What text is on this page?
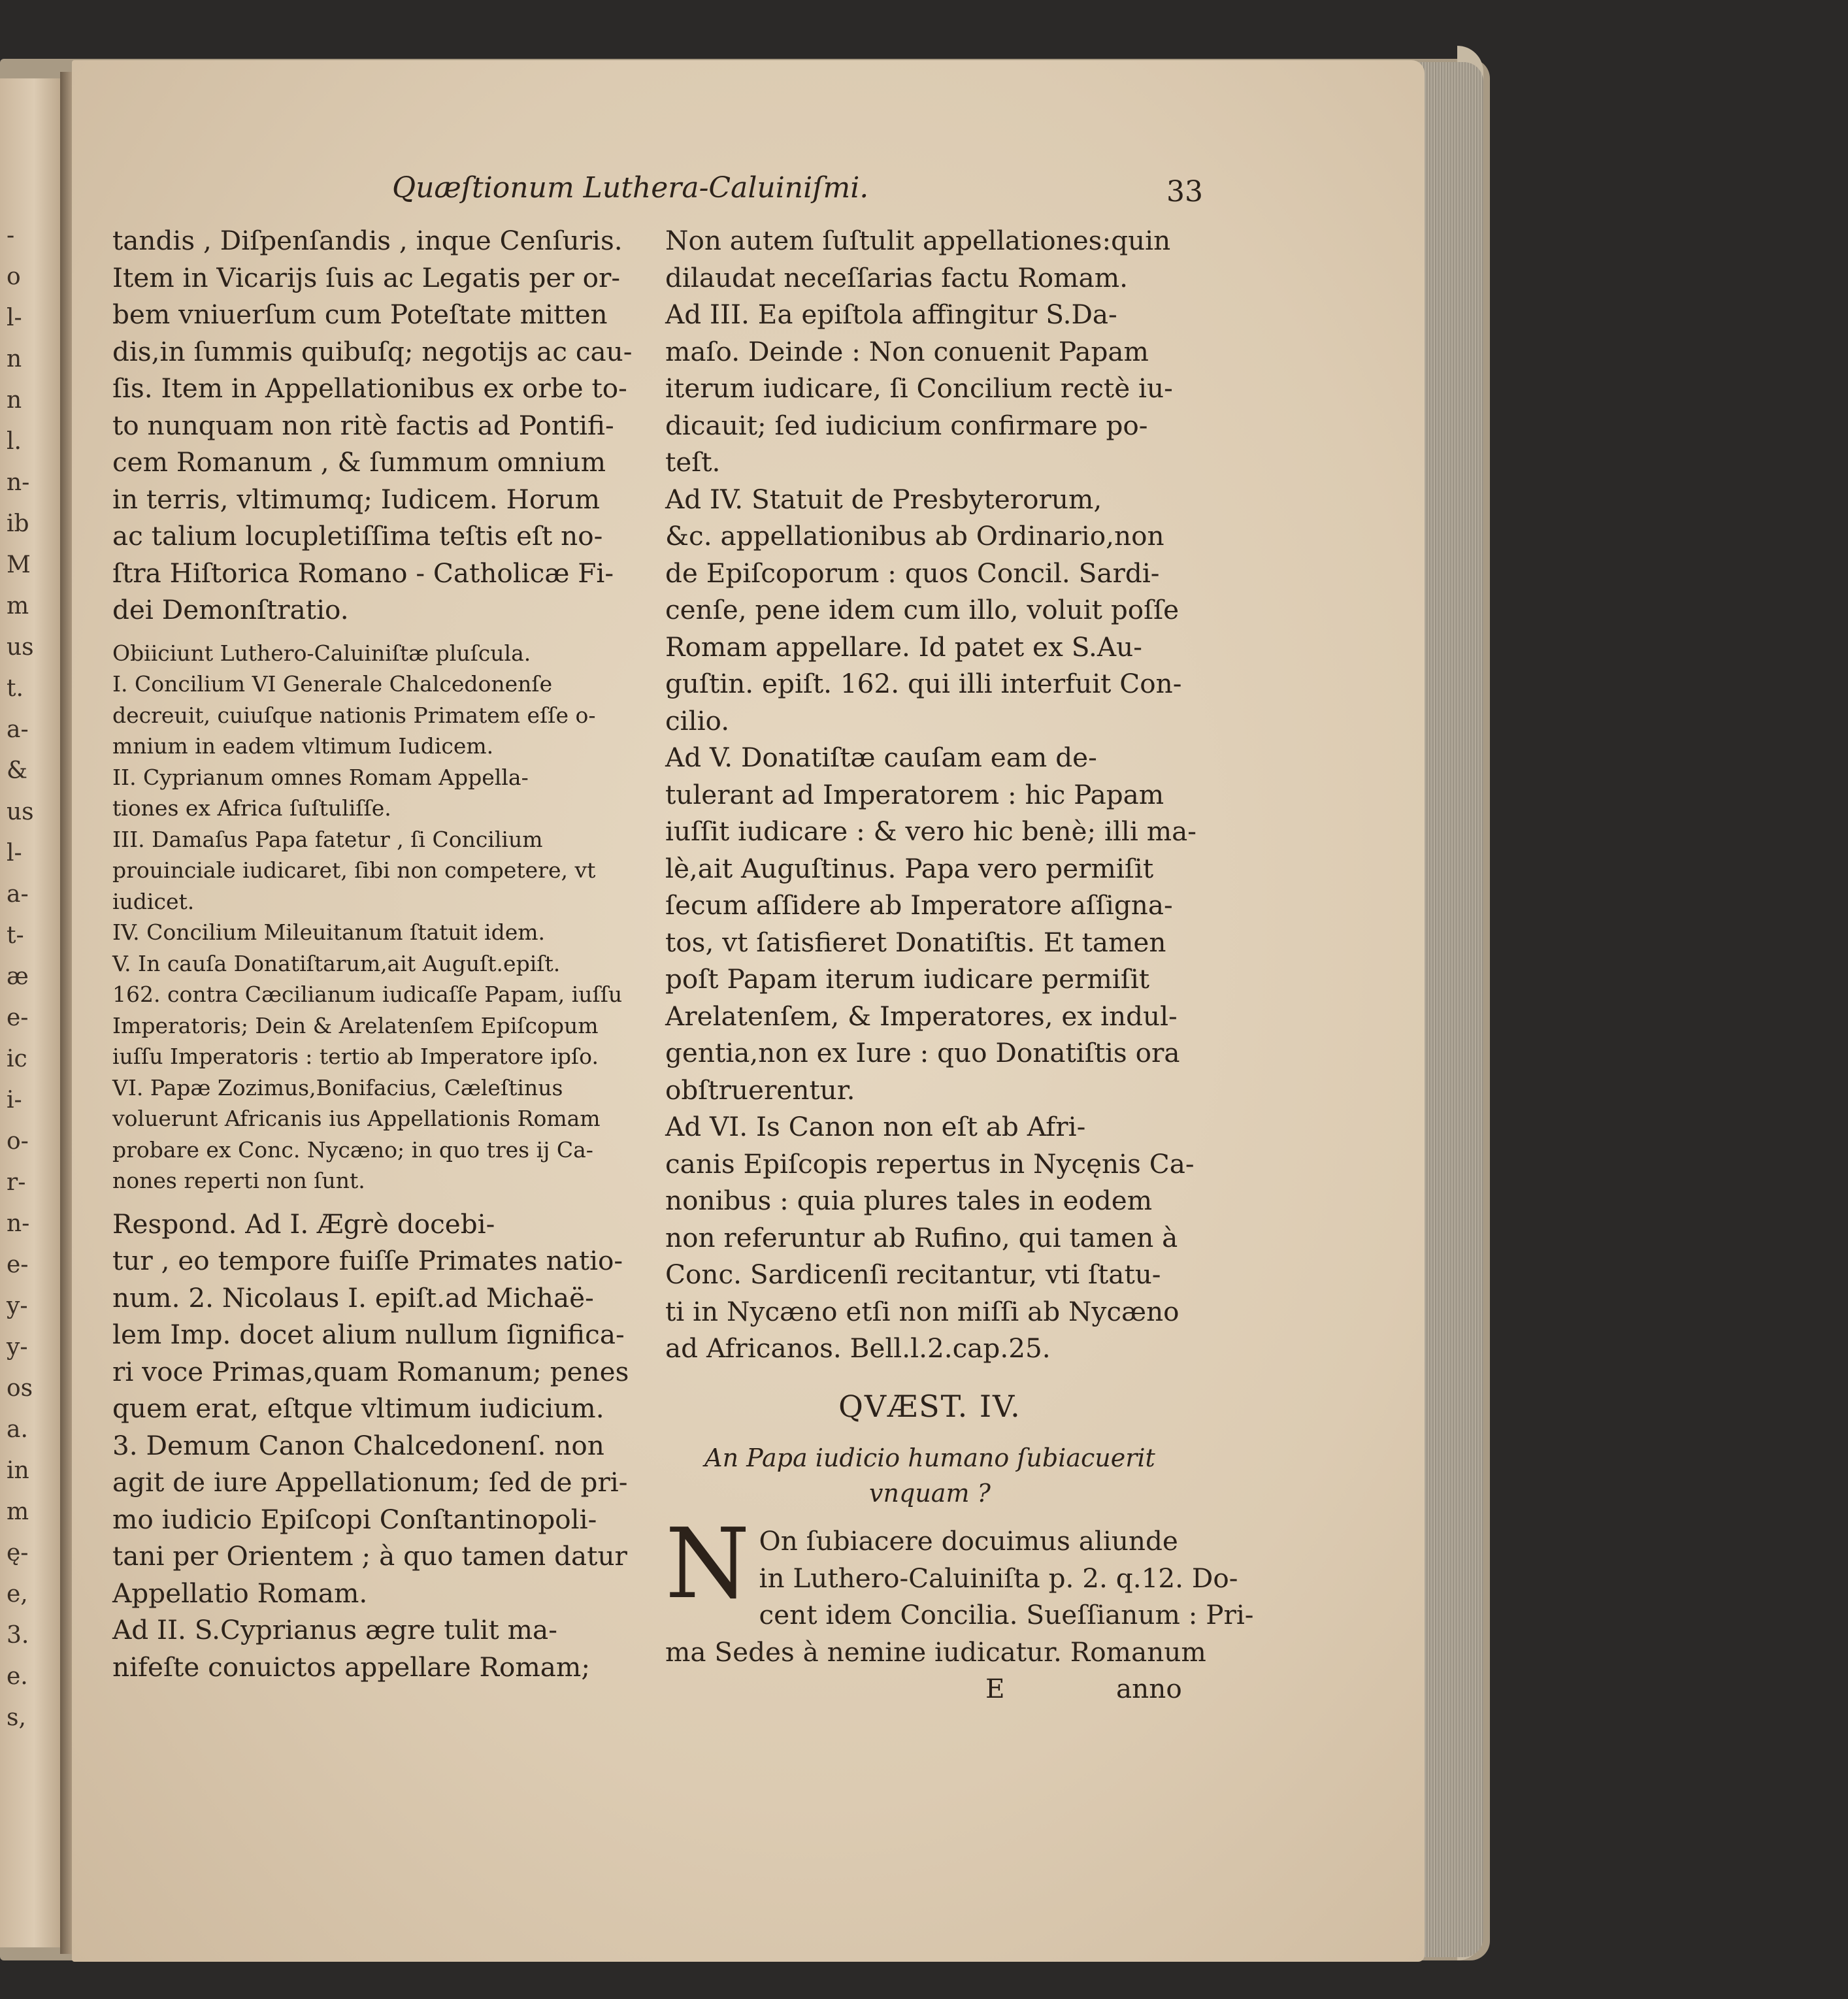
-
o
l-
n
n
l.
n-
ib
M
m
us
t.
a-
&
us
l-
a-
t-
æ
e-
ic
i-
o-
r-
n-
e-
y-
y-
os
a.
in
m
ę-
e,
3.
e.
s,
Quæſtionum Luthera-Caluiniſmi.	33
tandis , Diſpenſandis , inque Cenſuris.
Item in Vicarijs ſuis ac Legatis per or-
bem vniuerſum cum Poteſtate mitten
dis,in ſummis quibuſq; negotijs ac cau-
ſis. Item in Appellationibus ex orbe to-
to nunquam non ritè factis ad Pontifi-
cem Romanum , & ſummum omnium
in terris, vltimumq; Iudicem. Horum
ac talium locupletiſſima teſtis eſt no-
ſtra Hiſtorica Romano - Catholicæ Fi-
dei Demonſtratio.
Obiiciunt Luthero-Caluiniſtæ pluſcula.
I. Concilium VI Generale Chalcedonenſe
decreuit, cuiuſque nationis Primatem eſſe o-
mnium in eadem vltimum Iudicem.
II. Cyprianum omnes Romam Appella-
tiones ex Africa ſuſtuliſſe.
III. Damaſus Papa fatetur , ſi Concilium
prouinciale iudicaret, ſibi non competere, vt
iudicet.
IV. Concilium Mileuitanum ſtatuit idem.
V. In cauſa Donatiſtarum,ait Auguſt.epiſt.
162. contra Cæcilianum iudicaſſe Papam, iuſſu
Imperatoris; Dein & Arelatenſem Epiſcopum
iuſſu Imperatoris : tertio ab Imperatore ipſo.
VI. Papæ Zozimus,Bonifacius, Cæleſtinus
voluerunt Africanis ius Appellationis Romam
probare ex Conc. Nycæno; in quo tres ij Ca-
nones reperti non ſunt.
Respond. Ad I. Ægrè docebi-
tur , eo tempore fuiſſe Primates natio-
num. 2. Nicolaus I. epiſt.ad Michaë-
lem Imp. docet alium nullum ſignifica-
ri voce Primas,quam Romanum; penes
quem erat, eſtque vltimum iudicium.
3. Demum Canon Chalcedonenſ. non
agit de iure Appellationum; ſed de pri-
mo iudicio Epiſcopi Conſtantinopoli-
tani per Orientem ; à quo tamen datur
Appellatio Romam.
Ad II. S.Cyprianus ægre tulit ma-
nifeſte conuictos appellare Romam;
Non autem ſuſtulit appellationes:quin
dilaudat neceſſarias factu Romam.
Ad III. Ea epiſtola affingitur S.Da-
maſo. Deinde : Non conuenit Papam
iterum iudicare, ſi Concilium rectè iu-
dicauit; ſed iudicium confirmare po-
teſt.
Ad IV. Statuit de Presbyterorum,
&c. appellationibus ab Ordinario,non
de Epiſcoporum : quos Concil. Sardi-
cenſe, pene idem cum illo, voluit poſſe
Romam appellare. Id patet ex S.Au-
guſtin. epiſt. 162. qui illi interfuit Con-
cilio.
Ad V. Donatiſtæ cauſam eam de-
tulerant ad Imperatorem : hic Papam
iuſſit iudicare : & vero hic benè; illi ma-
lè,ait Auguſtinus. Papa vero permiſit
ſecum aſſidere ab Imperatore aſſigna-
tos, vt ſatisfieret Donatiſtis. Et tamen
poſt Papam iterum iudicare permiſit
Arelatenſem, & Imperatores, ex indul-
gentia,non ex Iure : quo Donatiſtis ora
obſtruerentur.
Ad VI. Is Canon non eſt ab Afri-
canis Epiſcopis repertus in Nycęnis Ca-
nonibus : quia plures tales in eodem
non referuntur ab Rufino, qui tamen à
Conc. Sardicenſi recitantur, vti ſtatu-
ti in Nycæno etſi non miſſi ab Nycæno
ad Africanos. Bell.l.2.cap.25.
QVÆST. IV.
An Papa iudicio humano ſubiacuerit
vnquam ?
N On ſubiacere docuimus aliunde
in Luthero-Caluiniſta p. 2. q.12. Do-
cent idem Concilia. Sueſſianum : Pri-
ma Sedes à nemine iudicatur. Romanum
E	anno
